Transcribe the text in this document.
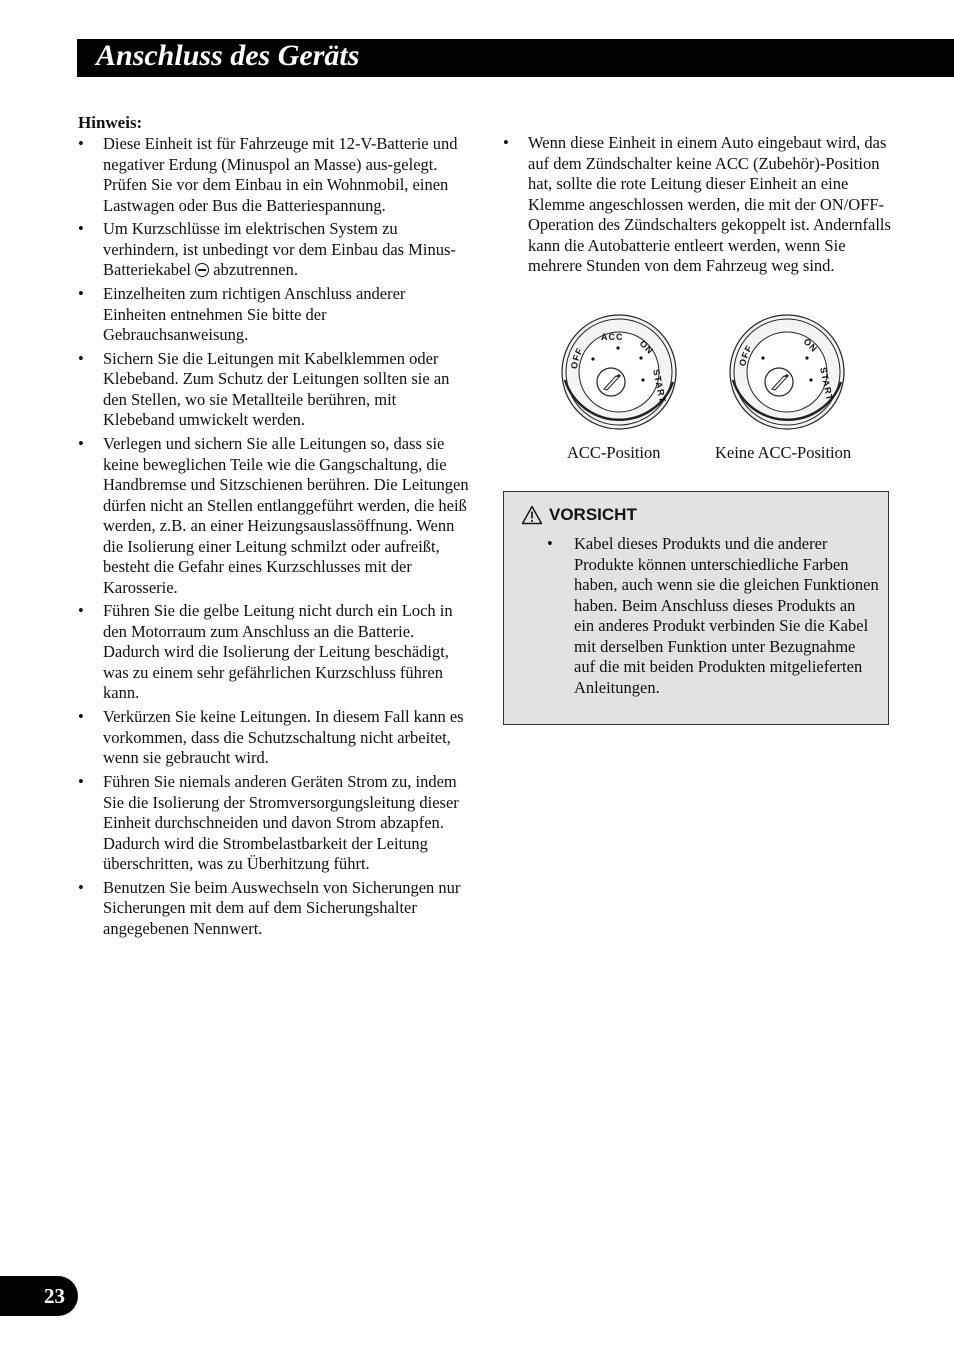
Anschluss des Geräts
Hinweis:
• Diese Einheit ist für Fahrzeuge mit 12-V-Batterie und negativer Erdung (Minuspol an Masse) aus-gelegt. Prüfen Sie vor dem Einbau in ein Wohnmobil, einen Lastwagen oder Bus die Batteriespannung.
• Um Kurzschlüsse im elektrischen System zu verhindern, ist unbedingt vor dem Einbau das Minus-Batteriekabel abzutrennen.
• Einzelheiten zum richtigen Anschluss anderer Einheiten entnehmen Sie bitte der Gebrauchsanweisung.
• Sichern Sie die Leitungen mit Kabelklemmen oder Klebeband. Zum Schutz der Leitungen sollten sie an den Stellen, wo sie Metallteile berühren, mit Klebeband umwickelt werden.
• Verlegen und sichern Sie alle Leitungen so, dass sie keine beweglichen Teile wie die Gangschaltung, die Handbremse und Sitzschienen berühren. Die Leitungen dürfen nicht an Stellen entlanggeführt werden, die heiß werden, z.B. an einer Heizungsauslassöffnung. Wenn die Isolierung einer Leitung schmilzt oder aufreißt, besteht die Gefahr eines Kurzschlusses mit der Karosserie.
• Führen Sie die gelbe Leitung nicht durch ein Loch in den Motorraum zum Anschluss an die Batterie. Dadurch wird die Isolierung der Leitung beschädigt, was zu einem sehr gefährlichen Kurzschluss führen kann.
• Verkürzen Sie keine Leitungen. In diesem Fall kann es vorkommen, dass die Schutzschaltung nicht arbeitet, wenn sie gebraucht wird.
• Führen Sie niemals anderen Geräten Strom zu, indem Sie die Isolierung der Stromversorgungsleitung dieser Einheit durchschneiden und davon Strom abzapfen. Dadurch wird die Strombelastbarkeit der Leitung überschritten, was zu Überhitzung führt.
• Benutzen Sie beim Auswechseln von Sicherungen nur Sicherungen mit dem auf dem Sicherungshalter angegebenen Nennwert.
• Wenn diese Einheit in einem Auto eingebaut wird, das auf dem Zündschalter keine ACC (Zubehör)-Position hat, sollte die rote Leitung dieser Einheit an eine Klemme angeschlossen werden, die mit der ON/OFF-Operation des Zündschalters gekoppelt ist. Andernfalls kann die Autobatterie entleert werden, wenn Sie mehrere Stunden von dem Fahrzeug weg sind.
OFF
ACC
ON
START
OFF	ON
START
ACC-Position	Keine ACC-Position
VORSICHT
• Kabel dieses Produkts und die anderer Produkte können unterschiedliche Farben haben, auch wenn sie die gleichen Funktionen haben. Beim Anschluss dieses Produkts an ein anderes Produkt verbinden Sie die Kabel mit derselben Funktion unter Bezugnahme auf die mit beiden Produkten mitgelieferten Anleitungen.
23
